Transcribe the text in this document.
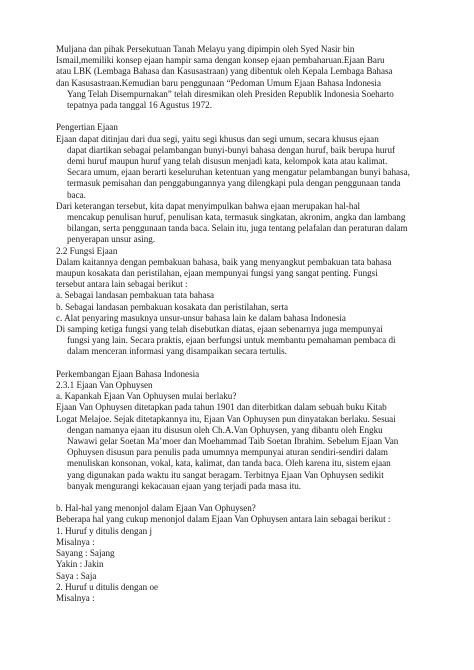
Muljana dan pihak Persekutuan Tanah Melayu yang dipimpin oleh Syed Nasir bin
Ismail,memiliki konsep ejaan hampir sama dengan konsep ejaan pembaharuan.Ejaan Baru
atau LBK (Lembaga Bahasa dan Kasusastraan) yang dibentuk oleh Kepala Lembaga Bahasa
dan Kasusastraan.Kemudian baru penggunaan “Pedoman Umum Ejaan Bahasa Indonesia
Yang Telah Disempurnakan” telah diresmikan oleh Presiden Republik Indonesia Soeharto
tepatnya pada tanggal 16 Agustus 1972.
Pengertian Ejaan
Ejaan dapat ditinjau dari dua segi, yaitu segi khusus dan segi umum, secara khusus ejaan
dapat diartikan sebagai pelambangan bunyi-bunyi bahasa dengan huruf, baik berupa huruf
demi huruf maupun huruf yang telah disusun menjadi kata, kelompok kata atau kalimat.
Secara umum, ejaan berarti keseluruhan ketentuan yang mengatur pelambangan bunyi bahasa,
termasuk pemisahan dan penggabungannya yang dilengkapi pula dengan penggunaan tanda
baca.
Dari keterangan tersebut, kita dapat menyimpulkan bahwa ejaan merupakan hal-hal
mencakup penulisan huruf, penulisan kata, termasuk singkatan, akronim, angka dan lambang
bilangan, serta penggunaan tanda baca. Selain itu, juga tentang pelafalan dan peraturan dalam
penyerapan unsur asing.
2.2 Fungsi Ejaan
Dalam kaitannya dengan pembakuan bahasa, baik yang menyangkut pembakuan tata bahasa
maupun kosakata dan peristilahan, ejaan mempunyai fungsi yang sangat penting. Fungsi
tersebut antara lain sebagai berikut :
a. Sebagai landasan pembakuan tata bahasa
b. Sebagai landasan pembakuan kosakata dan peristilahan, serta
c. Alat penyaring masuknya unsur-unsur bahasa lain ke dalam bahasa Indonesia
Di samping ketiga fungsi yang telah disebutkan diatas, ejaan sebenarnya juga mempunyai
fungsi yang lain. Secara praktis, ejaan berfungsi untuk membantu pemahaman pembaca di
dalam menceran informasi yang disampaikan secara tertulis.
Perkembangan Ejaan Bahasa Indonesia
2.3.1 Ejaan Van Ophuysen
a. Kapankah Ejaan Van Ophuysen mulai berlaku?
Ejaan Van Ophuysen ditetapkan pada tahun 1901 dan diterbitkan dalam sebuah buku Kitab
Logat Melajoe. Sejak ditetapkannya itu, Ejaan Van Ophuysen pun dinyatakan berlaku. Sesuai
dengan namanya ejaan itu disusun oleh Ch.A.Van Ophuysen, yang dibantu oleh Engku
Nawawi gelar Soetan Ma’moer dan Moehammad Taib Soetan Ibrahim. Sebelum Ejaan Van
Ophuysen disusun para penulis pada umumnya mempunyai aturan sendiri-sendiri dalam
menuliskan konsonan, vokal, kata, kalimat, dan tanda baca. Oleh karena itu, sistem ejaan
yang digunakan pada waktu itu sangat beragam. Terbitnya Ejaan Van Ophuysen sedikit
banyak mengurangi kekacauan ejaan yang terjadi pada masa itu.
b. Hal-hal yang menonjol dalam Ejaan Van Ophuysen?
Beberapa hal yang cukup menonjol dalam Ejaan Van Ophuysen antara lain sebagai berikut :
1. Huruf y ditulis dengan j
Misalnya :
Sayang : Sajang
Yakin : Jakin
Saya : Saja
2. Huruf u ditulis dengan oe
Misalnya :
